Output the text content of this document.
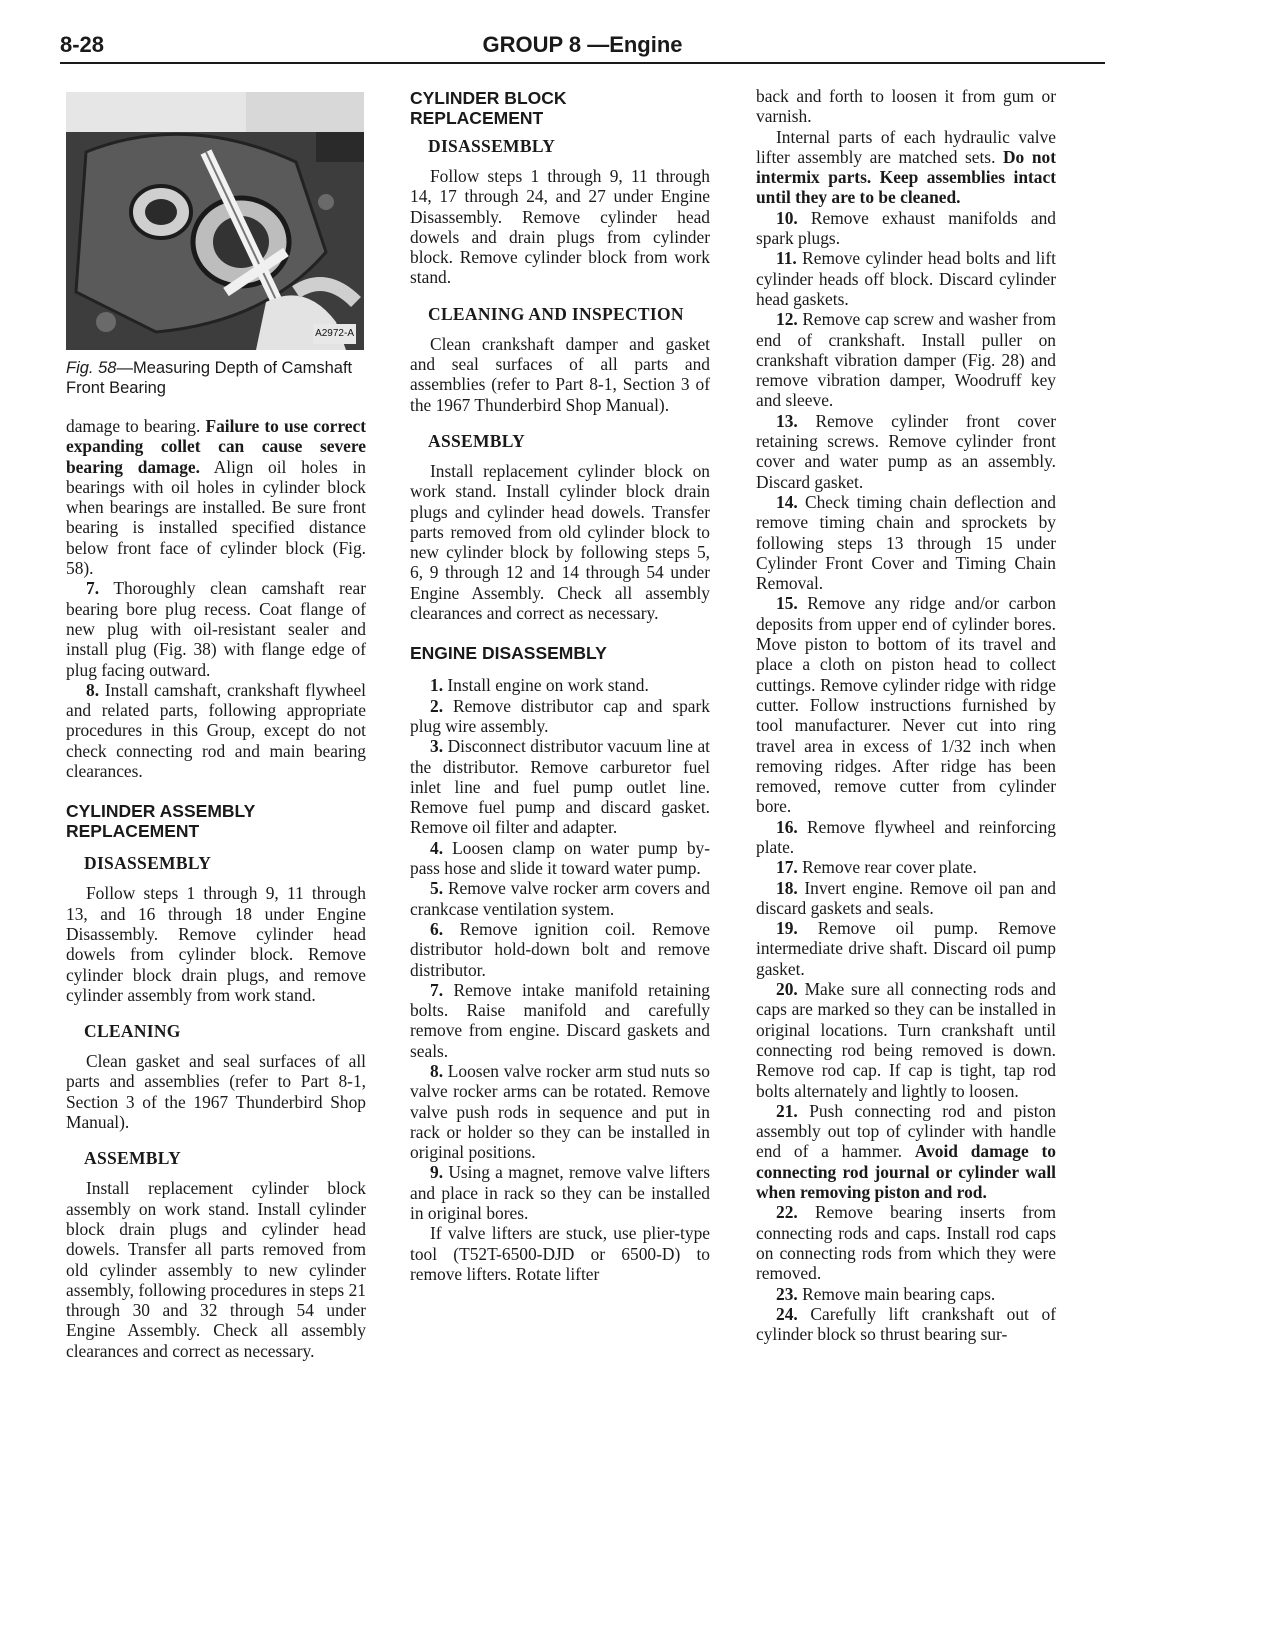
8-28	GROUP 8 —Engine
A2972-A

Fig. 58—Measuring Depth of Camshaft Front Bearing

damage to bearing. Failure to use correct expanding collet can cause severe bearing damage. Align oil holes in bearings with oil holes in cylinder block when bearings are installed. Be sure front bearing is installed specified distance below front face of cylinder block (Fig. 58).

7. Thoroughly clean camshaft rear bearing bore plug recess. Coat flange of new plug with oil-resistant sealer and install plug (Fig. 38) with flange edge of plug facing outward.

8. Install camshaft, crankshaft flywheel and related parts, following appropriate procedures in this Group, except do not check connecting rod and main bearing clearances.

CYLINDER ASSEMBLY
REPLACEMENT
DISASSEMBLY

Follow steps 1 through 9, 11 through 13, and 16 through 18 under Engine Disassembly. Remove cylinder head dowels from cylinder block. Remove cylinder block drain plugs, and remove cylinder assembly from work stand.

CLEANING

Clean gasket and seal surfaces of all parts and assemblies (refer to Part 8-1, Section 3 of the 1967 Thunderbird Shop Manual).

ASSEMBLY

Install replacement cylinder block assembly on work stand. Install cylinder block drain plugs and cylinder head dowels. Transfer all parts removed from old cylinder assembly to new cylinder assembly, following procedures in steps 21 through 30 and 32 through 54 under Engine Assembly. Check all assembly clearances and correct as necessary.

CYLINDER BLOCK
REPLACEMENT
DISASSEMBLY

Follow steps 1 through 9, 11 through 14, 17 through 24, and 27 under Engine Disassembly. Remove cylinder head dowels and drain plugs from cylinder block. Remove cylinder block from work stand.

CLEANING AND INSPECTION

Clean crankshaft damper and gasket and seal surfaces of all parts and assemblies (refer to Part 8-1, Section 3 of the 1967 Thunderbird Shop Manual).

ASSEMBLY

Install replacement cylinder block on work stand. Install cylinder block drain plugs and cylinder head dowels. Transfer parts removed from old cylinder block to new cylinder block by following steps 5, 6, 9 through 12 and 14 through 54 under Engine Assembly. Check all assembly clearances and correct as necessary.

ENGINE DISASSEMBLY

1. Install engine on work stand.

2. Remove distributor cap and spark plug wire assembly.

3. Disconnect distributor vacuum line at the distributor. Remove carburetor fuel inlet line and fuel pump outlet line. Remove fuel pump and discard gasket. Remove oil filter and adapter.

4. Loosen clamp on water pump by-pass hose and slide it toward water pump.

5. Remove valve rocker arm covers and crankcase ventilation system.

6. Remove ignition coil. Remove distributor hold-down bolt and remove distributor.

7. Remove intake manifold retaining bolts. Raise manifold and carefully remove from engine. Discard gaskets and seals.

8. Loosen valve rocker arm stud nuts so valve rocker arms can be rotated. Remove valve push rods in sequence and put in rack or holder so they can be installed in original positions.

9. Using a magnet, remove valve lifters and place in rack so they can be installed in original bores.

If valve lifters are stuck, use plier-type tool (T52T-6500-DJD or 6500-D) to remove lifters. Rotate lifter

back and forth to loosen it from gum or varnish.

Internal parts of each hydraulic valve lifter assembly are matched sets. Do not intermix parts. Keep assemblies intact until they are to be cleaned.

10. Remove exhaust manifolds and spark plugs.

11. Remove cylinder head bolts and lift cylinder heads off block. Discard cylinder head gaskets.

12. Remove cap screw and washer from end of crankshaft. Install puller on crankshaft vibration damper (Fig. 28) and remove vibration damper, Woodruff key and sleeve.

13. Remove cylinder front cover retaining screws. Remove cylinder front cover and water pump as an assembly. Discard gasket.

14. Check timing chain deflection and remove timing chain and sprockets by following steps 13 through 15 under Cylinder Front Cover and Timing Chain Removal.

15. Remove any ridge and/or carbon deposits from upper end of cylinder bores. Move piston to bottom of its travel and place a cloth on piston head to collect cuttings. Remove cylinder ridge with ridge cutter. Follow instructions furnished by tool manufacturer. Never cut into ring travel area in excess of 1/32 inch when removing ridges. After ridge has been removed, remove cutter from cylinder bore.

16. Remove flywheel and reinforcing plate.

17. Remove rear cover plate.

18. Invert engine. Remove oil pan and discard gaskets and seals.

19. Remove oil pump. Remove intermediate drive shaft. Discard oil pump gasket.

20. Make sure all connecting rods and caps are marked so they can be installed in original locations. Turn crankshaft until connecting rod being removed is down. Remove rod cap. If cap is tight, tap rod bolts alternately and lightly to loosen.

21. Push connecting rod and piston assembly out top of cylinder with handle end of a hammer. Avoid damage to connecting rod journal or cylinder wall when removing piston and rod.

22. Remove bearing inserts from connecting rods and caps. Install rod caps on connecting rods from which they were removed.

23. Remove main bearing caps.

24. Carefully lift crankshaft out of cylinder block so thrust bearing sur-
